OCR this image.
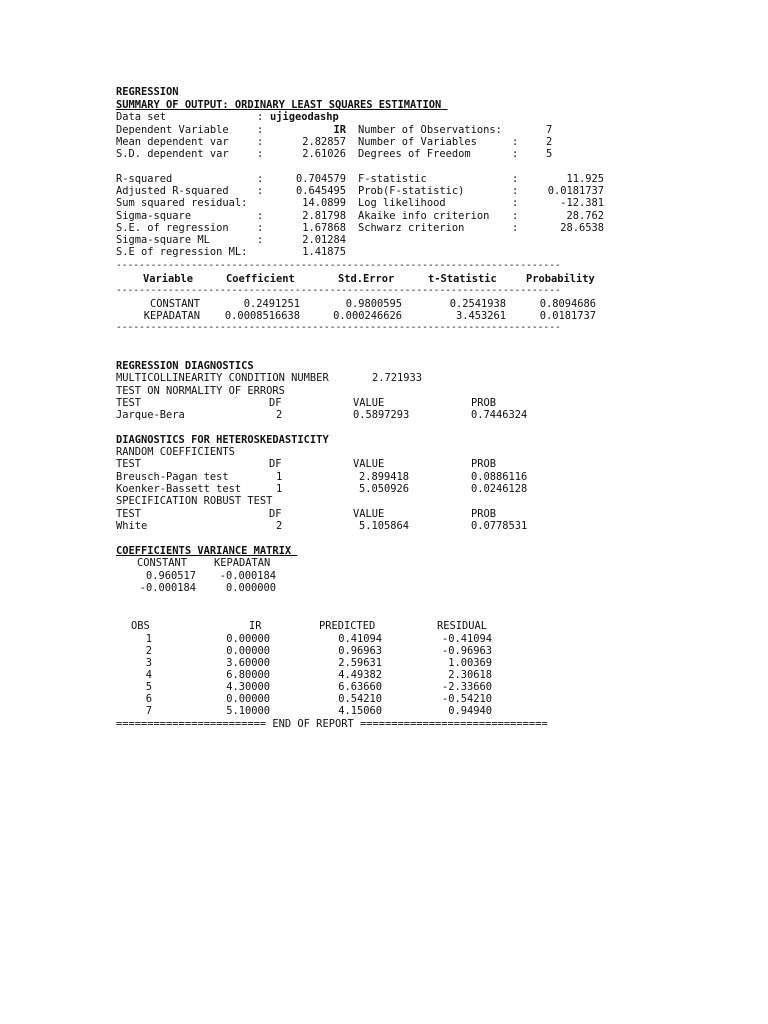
REGRESSION
SUMMARY OF OUTPUT: ORDINARY LEAST SQUARES ESTIMATION
Data set	: ujigeodashp
Dependent Variable	:	IR Number of Observations:	7
Mean dependent var	:	2.82857 Number of Variables	:	2
S.D. dependent var	:	2.61026 Degrees of Freedom	:	5
R-squared	:	0.704579 F-statistic	:	11.925
Adjusted R-squared	:	0.645495 Prob(F-statistic)	:	0.0181737
Sum squared residual:	14.0899 Log likelihood	:	-12.381
Sigma-square	:	2.81798 Akaike info criterion :	28.762
S.E. of regression	:	1.67868 Schwarz criterion	:	28.6538
Sigma-square ML	:	2.01284
S.E of regression ML:	1.41875
-----------------------------------------------------------------------------
Variable	Coefficient	Std.Error	t-Statistic	Probability
-----------------------------------------------------------------------------
CONSTANT	0.2491251	0.9800595	0.2541938	0.8094686
KEPADATAN	0.0008516638	0.000246626	3.453261	0.0181737
-----------------------------------------------------------------------------
REGRESSION DIAGNOSTICS
MULTICOLLINEARITY CONDITION NUMBER	2.721933
TEST ON NORMALITY OF ERRORS
TEST	DF	VALUE	PROB
Jarque-Bera	2	0.5897293	0.7446324
DIAGNOSTICS FOR HETEROSKEDASTICITY
RANDOM COEFFICIENTS
TEST	DF	VALUE	PROB
Breusch-Pagan test	1	2.899418	0.0886116
Koenker-Bassett test	1	5.050926	0.0246128
SPECIFICATION ROBUST TEST
TEST	DF	VALUE	PROB
White	2	5.105864	0.0778531
COEFFICIENTS VARIANCE MATRIX
CONSTANT	KEPADATAN
0.960517	-0.000184
-0.000184	0.000000
OBS	IR	PREDICTED	RESIDUAL
1	0.00000	0.41094	-0.41094
2	0.00000	0.96963	-0.96963
3	3.60000	2.59631	1.00369
4	6.80000	4.49382	2.30618
5	4.30000	6.63660	-2.33660
6	0.00000	0.54210	-0.54210
7	5.10000	4.15060	0.94940
======================== END OF REPORT ==============================
